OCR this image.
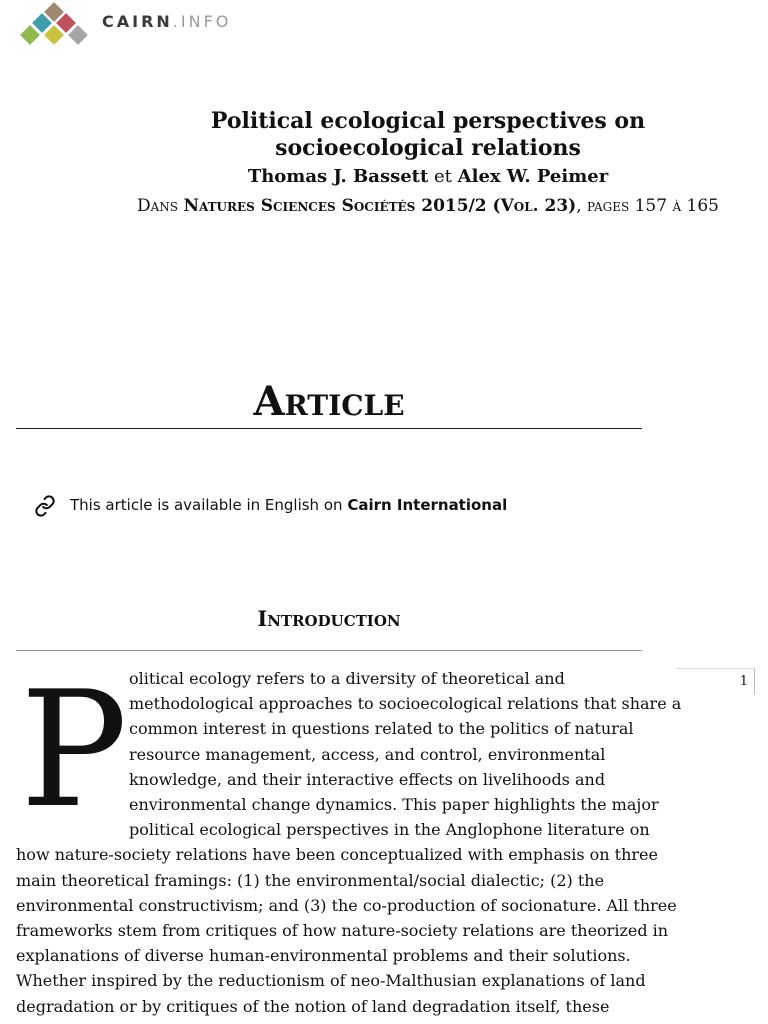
CAIRN.INFO
Political ecological perspectives on socioecological relations
Thomas J. Bassett et Alex W. Peimer
Dans Natures Sciences Sociétés 2015/2 (Vol. 23), pages 157 à 165
Article
This article is available in English on Cairn International
Introduction
1
P olitical ecology refers to a diversity of theoretical and
methodological approaches to socioecological relations that share a
common interest in questions related to the politics of natural
resource management, access, and control, environmental
knowledge, and their interactive effects on livelihoods and
environmental change dynamics. This paper highlights the major
political ecological perspectives in the Anglophone literature on
how nature-society relations have been conceptualized with emphasis on three
main theoretical framings: (1) the environmental/social dialectic; (2) the
environmental constructivism; and (3) the co-production of socionature. All three
frameworks stem from critiques of how nature-society relations are theorized in
explanations of diverse human-environmental problems and their solutions.
Whether inspired by the reductionism of neo-Malthusian explanations of land
degradation or by critiques of the notion of land degradation itself, these
